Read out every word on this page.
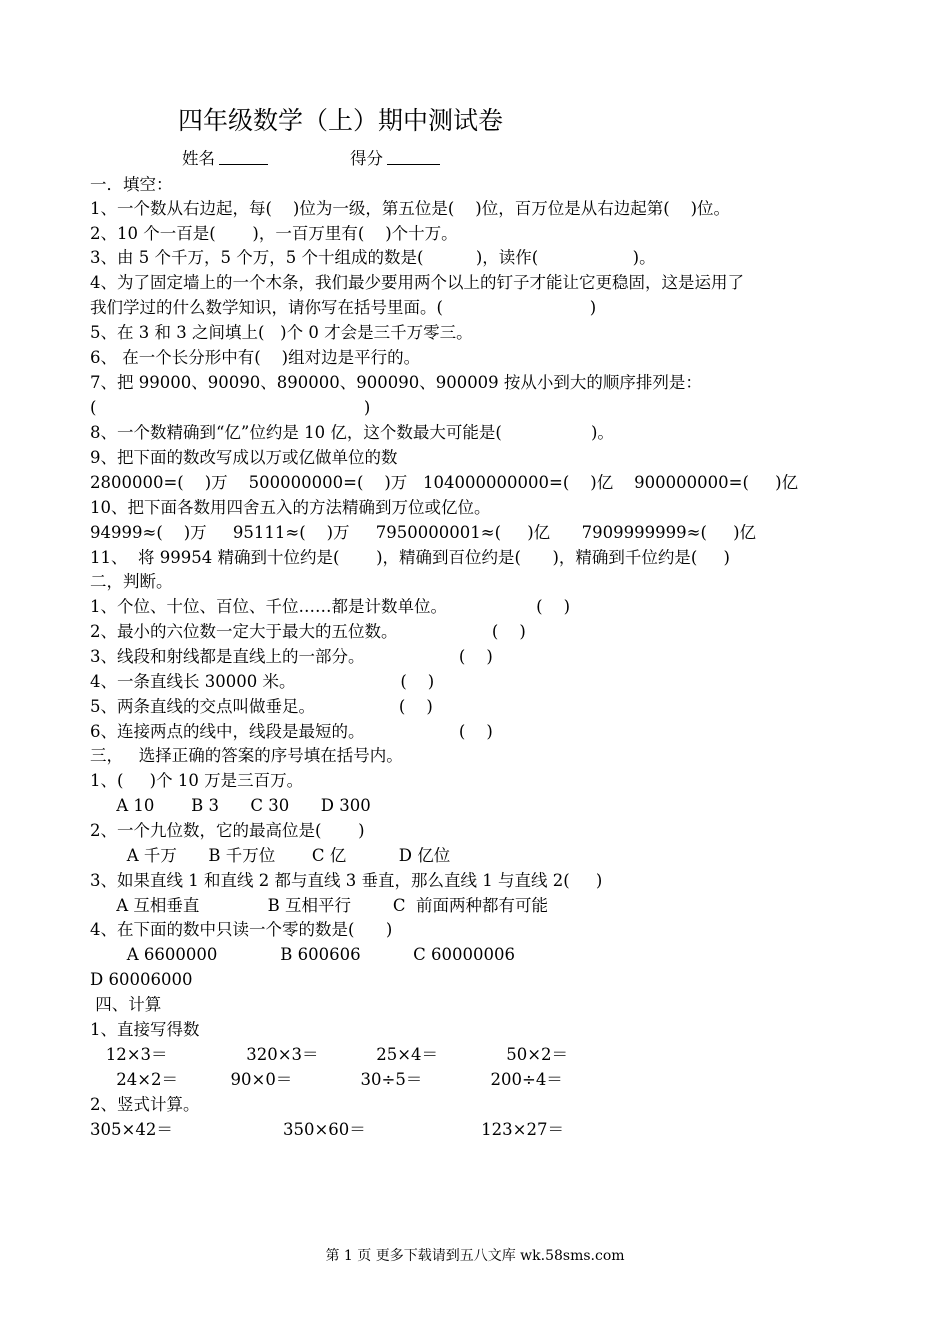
四年级数学（上）期中测试卷
姓名	得分
一．填空：
1、一个数从右边起，每(    )位为一级，第五位是(    )位，百万位是从右边起第(    )位。
2、10 个一百是(       )，一百万里有(    )个十万。
3、由 5 个千万，5 个万，5 个十组成的数是(          )，读作(                  )。
4、为了固定墙上的一个木条，我们最少要用两个以上的钉子才能让它更稳固，这是运用了
我们学过的什么数学知识，请你写在括号里面。(                            )
5、在 3 和 3 之间填上(   )个 0 才会是三千万零三。
6、 在一个长分形中有(    )组对边是平行的。
7、把 99000、90090、890000、900090、900009 按从小到大的顺序排列是：
(                                                   )
8、一个数精确到“亿”位约是 10 亿，这个数最大可能是(                 )。
9、把下面的数改写成以万或亿做单位的数
2800000=(    )万    500000000=(    )万   104000000000=(    )亿    900000000=(     )亿
10、把下面各数用四舍五入的方法精确到万位或亿位。
94999≈(    )万     95111≈(    )万     7950000001≈(     )亿      7909999999≈(     )亿
11、  将 99954 精确到十位约是(       )，精确到百位约是(      )，精确到千位约是(     )
二，判断。
1、个位、十位、百位、千位……都是计数单位。                 (    )
2、最小的六位数一定大于最大的五位数。                  (    )
3、线段和射线都是直线上的一部分。                  (    )
4、一条直线长 30000 米。                    (    )
5、两条直线的交点叫做垂足。                (    )
6、连接两点的线中，线段是最短的。                  (    )
三，   选择正确的答案的序号填在括号内。
1、(     )个 10 万是三百万。
A 10       B 3      C 30      D 300
2、一个九位数，它的最高位是(       )
A 千万      B 千万位       C 亿          D 亿位
3、如果直线 1 和直线 2 都与直线 3 垂直，那么直线 1 与直线 2(     )
A 互相垂直             B 互相平行        C  前面两种都有可能
4、在下面的数中只读一个零的数是(      )
A 6600000            B 600606          C 60000006
D 60006000
四、计算
1、直接写得数
12×3＝               320×3＝           25×4＝             50×2＝
24×2＝          90×0＝             30÷5＝             200÷4＝
2、竖式计算。
305×42＝                     350×60＝                      123×27＝
第 1 页 更多下载请到五八文库 wk.58sms.com
